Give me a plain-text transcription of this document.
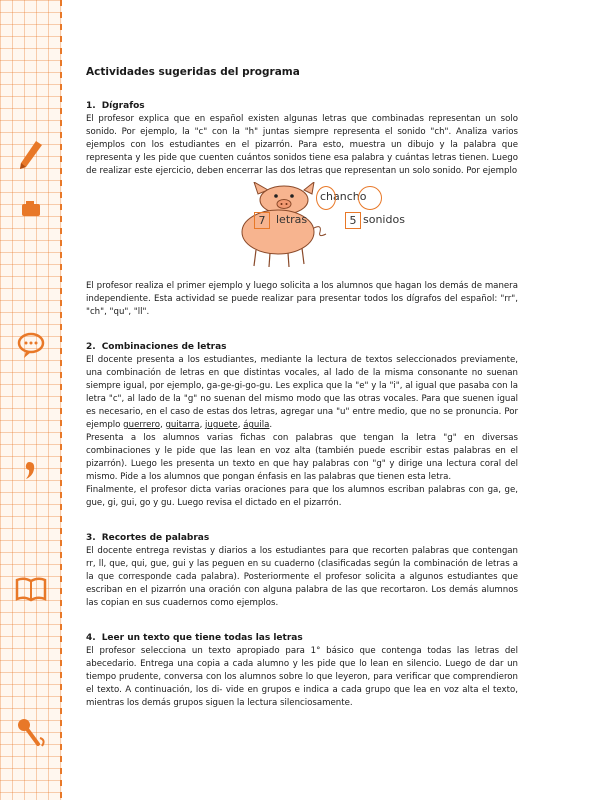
Actividades sugeridas del programa
1. Dígrafos

El profesor explica que en español existen algunas letras que combinadas representan un solo sonido. Por ejemplo, la "c" con la "h" juntas siempre representa el sonido "ch". Analiza varios ejemplos con los estudiantes en el pizarrón. Para esto, muestra un dibujo y la palabra que representa y les pide que cuenten cuántos sonidos tiene esa palabra y cuántas letras tienen. Luego de realizar este ejercicio, deben encerrar las dos letras que representan un solo sonido. Por ejemplo

chancho
7 letras	5 sonidos

El profesor realiza el primer ejemplo y luego solicita a los alumnos que hagan los demás de manera independiente. Esta actividad se puede realizar para presentar todos los dígrafos del español: "rr", "ch", "qu", "ll".

2. Combinaciones de letras

El docente presenta a los estudiantes, mediante la lectura de textos seleccionados previamente, una combinación de letras en que distintas vocales, al lado de la misma consonante no suenan siempre igual, por ejemplo, ga-ge-gi-go-gu. Les explica que la "e" y la "i", al igual que pasaba con la letra "c", al lado de la "g" no suenan del mismo modo que las otras vocales. Para que suenen igual es necesario, en el caso de estas dos letras, agregar una "u" entre medio, que no se pronuncia. Por ejemplo guerrero, guitarra, juguete, águila.

Presenta a los alumnos varias fichas con palabras que tengan la letra "g" en diversas combinaciones y le pide que las lean en voz alta (también puede escribir estas palabras en el pizarrón). Luego les presenta un texto en que hay palabras con "g" y dirige una lectura coral del mismo. Pide a los alumnos que pongan énfasis en las palabras que tienen esta letra.

Finalmente, el profesor dicta varias oraciones para que los alumnos escriban palabras con ga, ge, gue, gi, gui, go y gu. Luego revisa el dictado en el pizarrón.

3. Recortes de palabras

El docente entrega revistas y diarios a los estudiantes para que recorten palabras que contengan rr, ll, que, qui, gue, gui y las peguen en su cuaderno (clasificadas según la combinación de letras a la que corresponde cada palabra). Posteriormente el profesor solicita a algunos estudiantes que escriban en el pizarrón una oración con alguna palabra de las que recortaron. Los demás alumnos las copian en sus cuadernos como ejemplos.

4. Leer un texto que tiene todas las letras

El profesor selecciona un texto apropiado para 1° básico que contenga todas las letras del abecedario. Entrega una copia a cada alumno y les pide que lo lean en silencio. Luego de dar un tiempo prudente, conversa con los alumnos sobre lo que leyeron, para verificar que comprendieron el texto. A continuación, los di- vide en grupos e indica a cada grupo que lea en voz alta el texto, mientras los demás grupos siguen la lectura silenciosamente.
